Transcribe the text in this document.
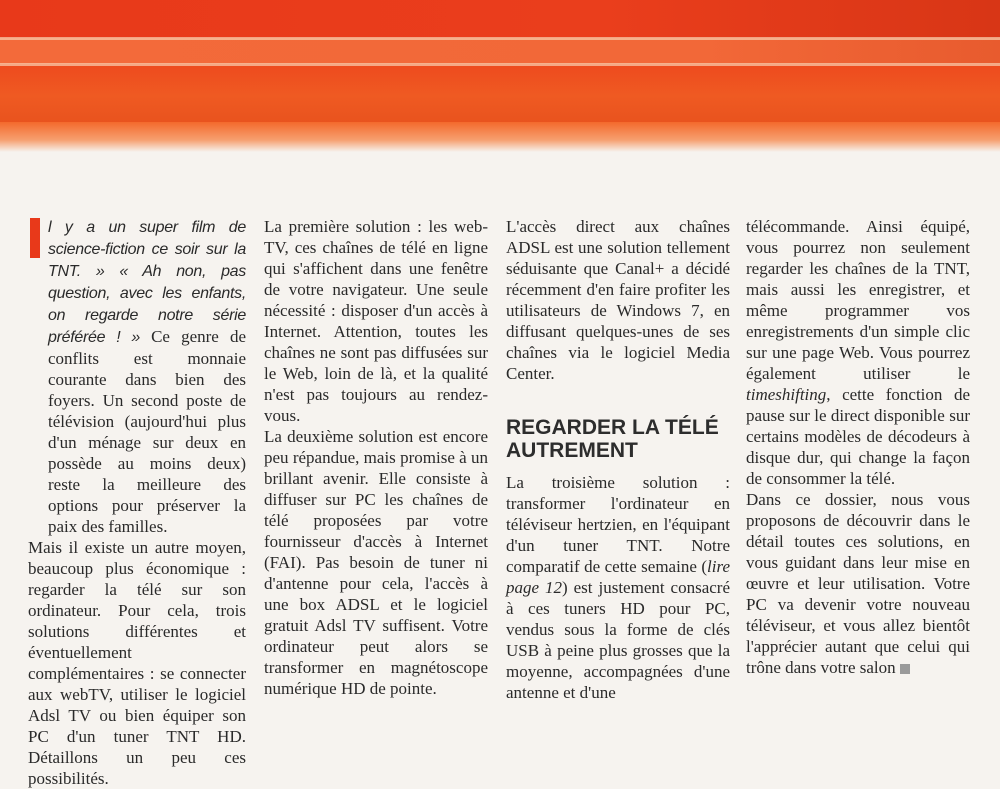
l y a un super film de science-fiction ce soir sur la TNT. » « Ah non, pas question, avec les enfants, on regarde notre série préférée ! » Ce genre de conflits est monnaie courante dans bien des foyers. Un second poste de télévision (aujourd'hui plus d'un ménage sur deux en possède au moins deux) reste la meilleure des options pour préserver la paix des familles.

Mais il existe un autre moyen, beaucoup plus économique : regarder la télé sur son ordinateur. Pour cela, trois solutions différentes et éventuellement complémentaires : se connecter aux webTV, utiliser le logiciel Adsl TV ou bien équiper son PC d'un tuner TNT HD. Détaillons un peu ces possibilités.

La première solution : les web-TV, ces chaînes de télé en ligne qui s'affichent dans une fenêtre de votre navigateur. Une seule nécessité : disposer d'un accès à Internet. Attention, toutes les chaînes ne sont pas diffusées sur le Web, loin de là, et la qualité n'est pas toujours au rendez-vous.

La deuxième solution est encore peu répandue, mais promise à un brillant avenir. Elle consiste à diffuser sur PC les chaînes de télé proposées par votre fournisseur d'accès à Internet (FAI). Pas besoin de tuner ni d'antenne pour cela, l'accès à une box ADSL et le logiciel gratuit Adsl TV suffisent. Votre ordinateur peut alors se transformer en magnétoscope numérique HD de pointe.

L'accès direct aux chaînes ADSL est une solution tellement séduisante que Canal+ a décidé récemment d'en faire profiter les utilisateurs de Windows 7, en diffusant quelques-unes de ses chaînes via le logiciel Media Center.

REGARDER LA TÉLÉ AUTREMENT

La troisième solution : transformer l'ordinateur en téléviseur hertzien, en l'équipant d'un tuner TNT. Notre comparatif de cette semaine (lire page 12) est justement consacré à ces tuners HD pour PC, vendus sous la forme de clés USB à peine plus grosses que la moyenne, accompagnées d'une antenne et d'une

télécommande. Ainsi équipé, vous pourrez non seulement regarder les chaînes de la TNT, mais aussi les enregistrer, et même programmer vos enregistrements d'un simple clic sur une page Web. Vous pourrez également utiliser le timeshifting, cette fonction de pause sur le direct disponible sur certains modèles de décodeurs à disque dur, qui change la façon de consommer la télé.

Dans ce dossier, nous vous proposons de découvrir dans le détail toutes ces solutions, en vous guidant dans leur mise en œuvre et leur utilisation. Votre PC va devenir votre nouveau téléviseur, et vous allez bientôt l'apprécier autant que celui qui trône dans votre salon
